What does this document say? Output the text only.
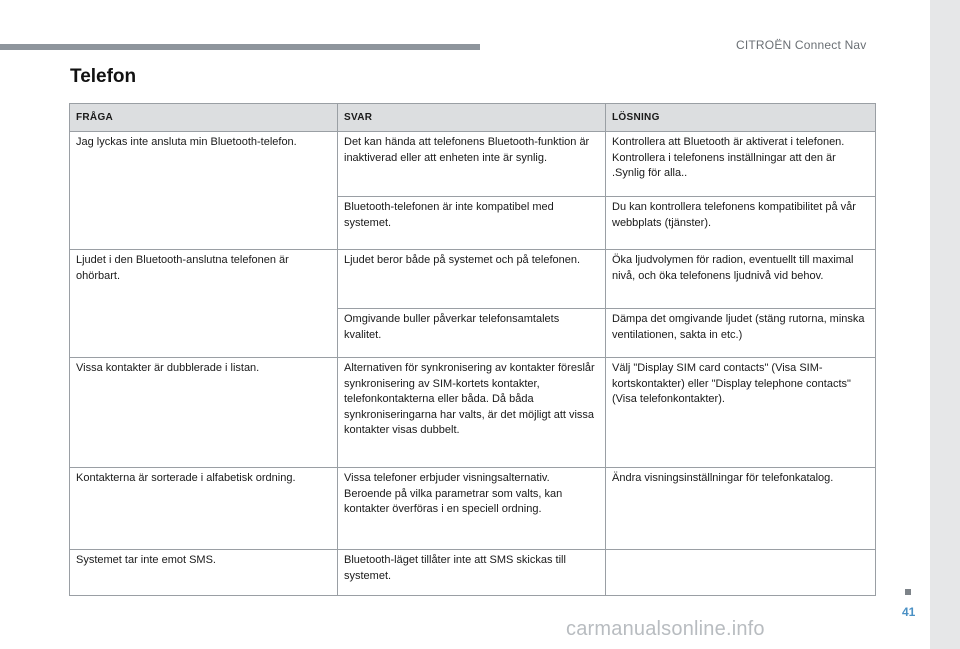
CITROËN Connect Nav
Telefon
FRÅGA	SVAR	LÖSNING
Jag lyckas inte ansluta min Bluetooth-telefon.	Det kan hända att telefonens Bluetooth-funktion är inaktiverad eller att enheten inte är synlig.	Kontrollera att Bluetooth är aktiverat i telefonen. Kontrollera i telefonens inställningar att den är .Synlig för alla..
	Bluetooth-telefonen är inte kompatibel med systemet.	Du kan kontrollera telefonens kompatibilitet på vår webbplats (tjänster).
Ljudet i den Bluetooth-anslutna telefonen är ohörbart.	Ljudet beror både på systemet och på telefonen.	Öka ljudvolymen för radion, eventuellt till maximal nivå, och öka telefonens ljudnivå vid behov.
	Omgivande buller påverkar telefonsamtalets kvalitet.	Dämpa det omgivande ljudet (stäng rutorna, minska ventilationen, sakta in etc.)
Vissa kontakter är dubblerade i listan.	Alternativen för synkronisering av kontakter föreslår synkronisering av SIM-kortets kontakter, telefonkontakterna eller båda. Då båda synkroniseringarna har valts, är det möjligt att vissa kontakter visas dubbelt.	Välj "Display SIM card contacts" (Visa SIM-kortskontakter) eller "Display telephone contacts" (Visa telefonkontakter).
Kontakterna är sorterade i alfabetisk ordning.	Vissa telefoner erbjuder visningsalternativ. Beroende på vilka parametrar som valts, kan kontakter överföras i en speciell ordning.	Ändra visningsinställningar för telefonkatalog.
Systemet tar inte emot SMS.	Bluetooth-läget tillåter inte att SMS skickas till systemet.	
41
carmanualsonline.info
